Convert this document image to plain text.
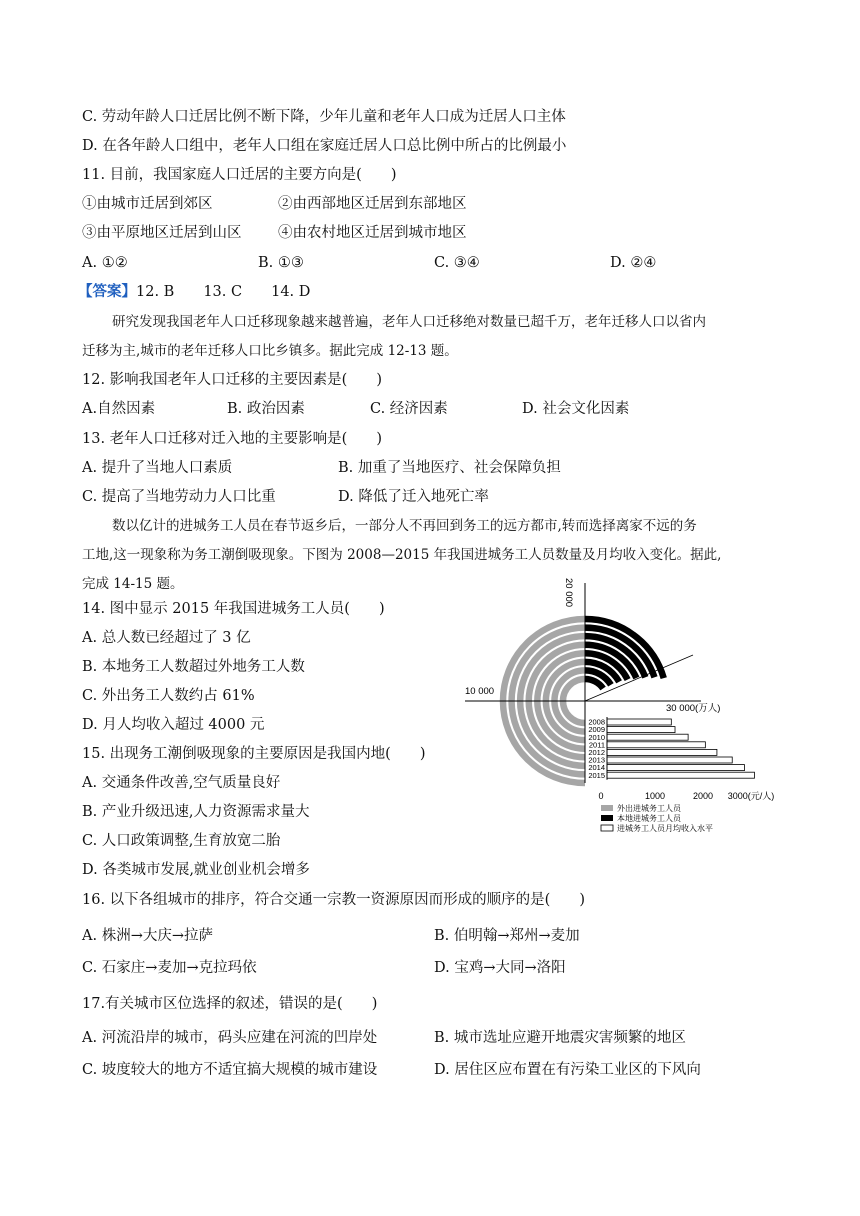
C. 劳动年龄人口迁居比例不断下降，少年儿童和老年人口成为迁居人口主体
D. 在各年龄人口组中，老年人口组在家庭迁居人口总比例中所占的比例最小
11. 目前，我国家庭人口迁居的主要方向是(　　)
①由城市迁居到郊区	②由西部地区迁居到东部地区
③由平原地区迁居到山区	④由农村地区迁居到城市地区
A. ①②	B. ①③	C. ③④	D. ②④
【答案】12. B　　13. C　　14. D
研究发现我国老年人口迁移现象越来越普遍，老年人口迁移绝对数量已超千万，老年迁移人口以省内
迁移为主,城市的老年迁移人口比乡镇多。据此完成 12-13 题。
12. 影响我国老年人口迁移的主要因素是(　　)
A.自然因素	B. 政治因素	C. 经济因素	D. 社会文化因素
13. 老年人口迁移对迁入地的主要影响是(　　)
A. 提升了当地人口素质	B. 加重了当地医疗、社会保障负担
C. 提高了当地劳动力人口比重	D. 降低了迁入地死亡率
数以亿计的进城务工人员在春节返乡后，一部分人不再回到务工的远方都市,转而选择离家不远的务
工地,这一现象称为务工潮倒吸现象。下图为 2008—2015 年我国进城务工人员数量及月均收入变化。据此,
完成 14-15 题。
14. 图中显示 2015 年我国进城务工人员(　　)
A. 总人数已经超过了 3 亿
B. 本地务工人数超过外地务工人数
C. 外出务工人数约占 61%
D. 月人均收入超过 4000 元
15. 出现务工潮倒吸现象的主要原因是我国内地(　　)
A. 交通条件改善,空气质量良好
B. 产业升级迅速,人力资源需求量大
C. 人口政策调整,生育放宽二胎
D. 各类城市发展,就业创业机会增多
16. 以下各组城市的排序，符合交通一宗教一资源原因而形成的顺序的是(　　)
A. 株洲→大庆→拉萨	B. 伯明翰→郑州→麦加
C. 石家庄→麦加→克拉玛依	D. 宝鸡→大同→洛阳
17.有关城市区位选择的叙述，错误的是(　　)
A. 河流沿岸的城市，码头应建在河流的凹岸处	B. 城市选址应避开地震灾害频繁的地区
C. 坡度较大的地方不适宜搞大规模的城市建设	D. 居住区应布置在有污染工业区的下风向
2008
2009
2010
2011
2012
2013
2014
2015
0	1000	2000 3000(元/人)
20 000
10 000
30 000(万人)
外出进城务工人员
本地进城务工人员
进城务工人员月均收入水平
